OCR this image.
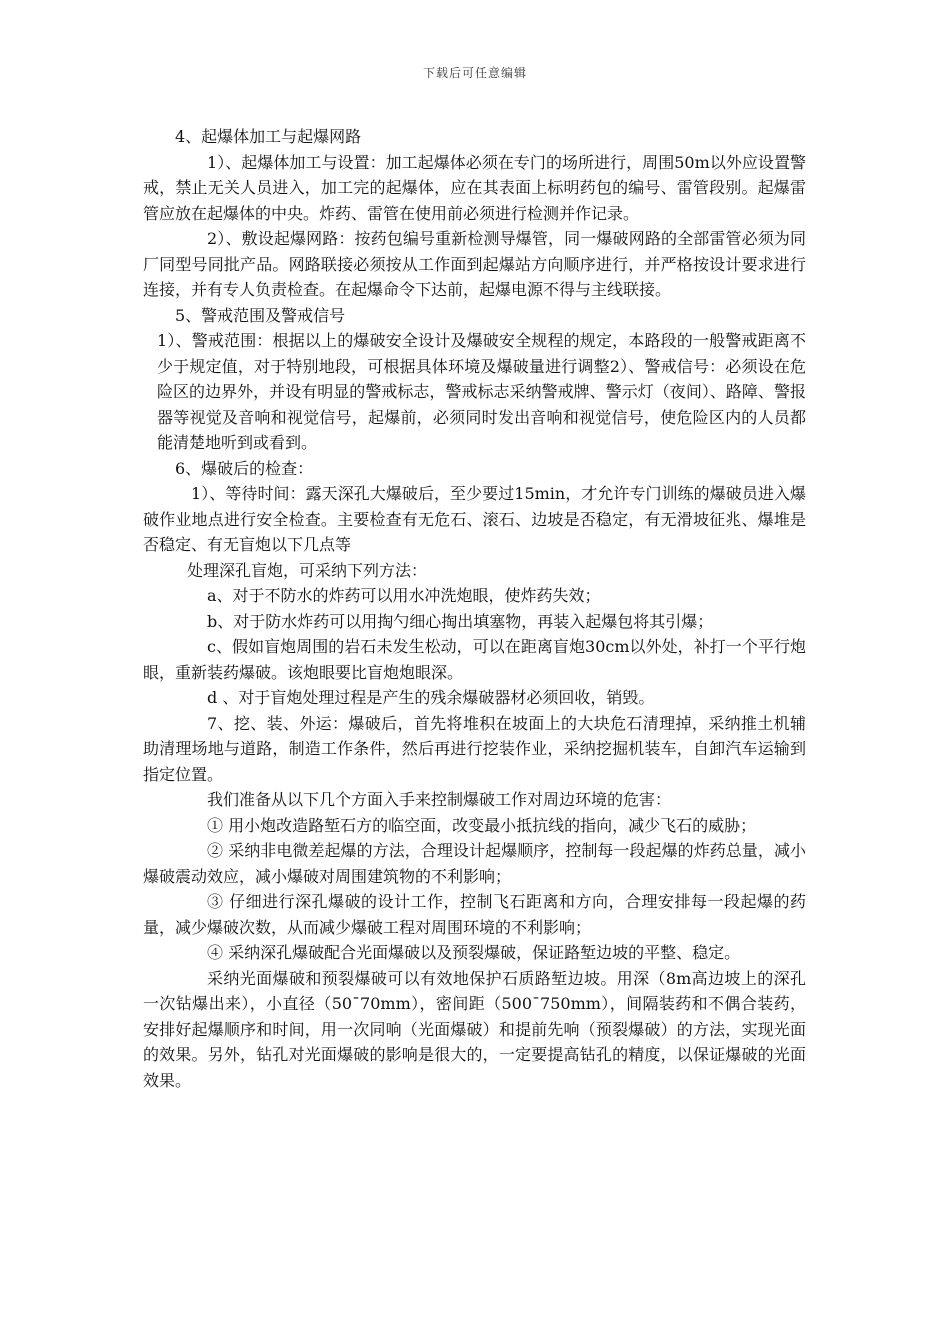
下载后可任意编辑

4、起爆体加工与起爆网路

1）、起爆体加工与设置：加工起爆体必须在专门的场所进行，周围50m以外应设置警戒，禁止无关人员进入，加工完的起爆体，应在其表面上标明药包的编号、雷管段别。起爆雷管应放在起爆体的中央。炸药、雷管在使用前必须进行检测并作记录。

2）、敷设起爆网路：按药包编号重新检测导爆管，同一爆破网路的全部雷管必须为同厂同型号同批产品。网路联接必须按从工作面到起爆站方向顺序进行，并严格按设计要求进行连接，并有专人负责检查。在起爆命令下达前，起爆电源不得与主线联接。

5、警戒范围及警戒信号

1）、警戒范围：根据以上的爆破安全设计及爆破安全规程的规定，本路段的一般警戒距离不少于规定值，对于特别地段，可根据具体环境及爆破量进行调整2）、警戒信号：必须设在危险区的边界外，并设有明显的警戒标志，警戒标志采纳警戒牌、警示灯（夜间）、路障、警报器等视觉及音响和视觉信号，起爆前，必须同时发出音响和视觉信号，使危险区内的人员都能清楚地听到或看到。

6、爆破后的检查：

1）、等待时间：露天深孔大爆破后，至少要过15min，才允许专门训练的爆破员进入爆破作业地点进行安全检查。主要检查有无危石、滚石、边坡是否稳定，有无滑坡征兆、爆堆是否稳定、有无盲炮以下几点等

处理深孔盲炮，可采纳下列方法：

a、对于不防水的炸药可以用水冲洗炮眼，使炸药失效；

b、对于防水炸药可以用掏勺细心掏出填塞物，再装入起爆包将其引爆；

c、假如盲炮周围的岩石未发生松动，可以在距离盲炮30cm以外处，补打一个平行炮眼，重新装药爆破。该炮眼要比盲炮炮眼深。

d 、对于盲炮处理过程是产生的残余爆破器材必须回收，销毁。

7、挖、装、外运：爆破后，首先将堆积在坡面上的大块危石清理掉，采纳推土机辅助清理场地与道路，制造工作条件，然后再进行挖装作业，采纳挖掘机装车，自卸汽车运输到指定位置。

我们准备从以下几个方面入手来控制爆破工作对周边环境的危害：

① 用小炮改造路堑石方的临空面，改变最小抵抗线的指向，减少飞石的威胁；

② 采纳非电微差起爆的方法，合理设计起爆顺序，控制每一段起爆的炸药总量，减小爆破震动效应，减小爆破对周围建筑物的不利影响；

③ 仔细进行深孔爆破的设计工作，控制飞石距离和方向，合理安排每一段起爆的药量，减少爆破次数，从而减少爆破工程对周围环境的不利影响；

④ 采纳深孔爆破配合光面爆破以及预裂爆破，保证路堑边坡的平整、稳定。

采纳光面爆破和预裂爆破可以有效地保护石质路堑边坡。用深（8m高边坡上的深孔一次钻爆出来），小直径（50¯70mm），密间距（500¯750mm），间隔装药和不偶合装药，安排好起爆顺序和时间，用一次同响（光面爆破）和提前先响（预裂爆破）的方法，实现光面的效果。另外，钻孔对光面爆破的影响是很大的，一定要提高钻孔的精度，以保证爆破的光面效果。
